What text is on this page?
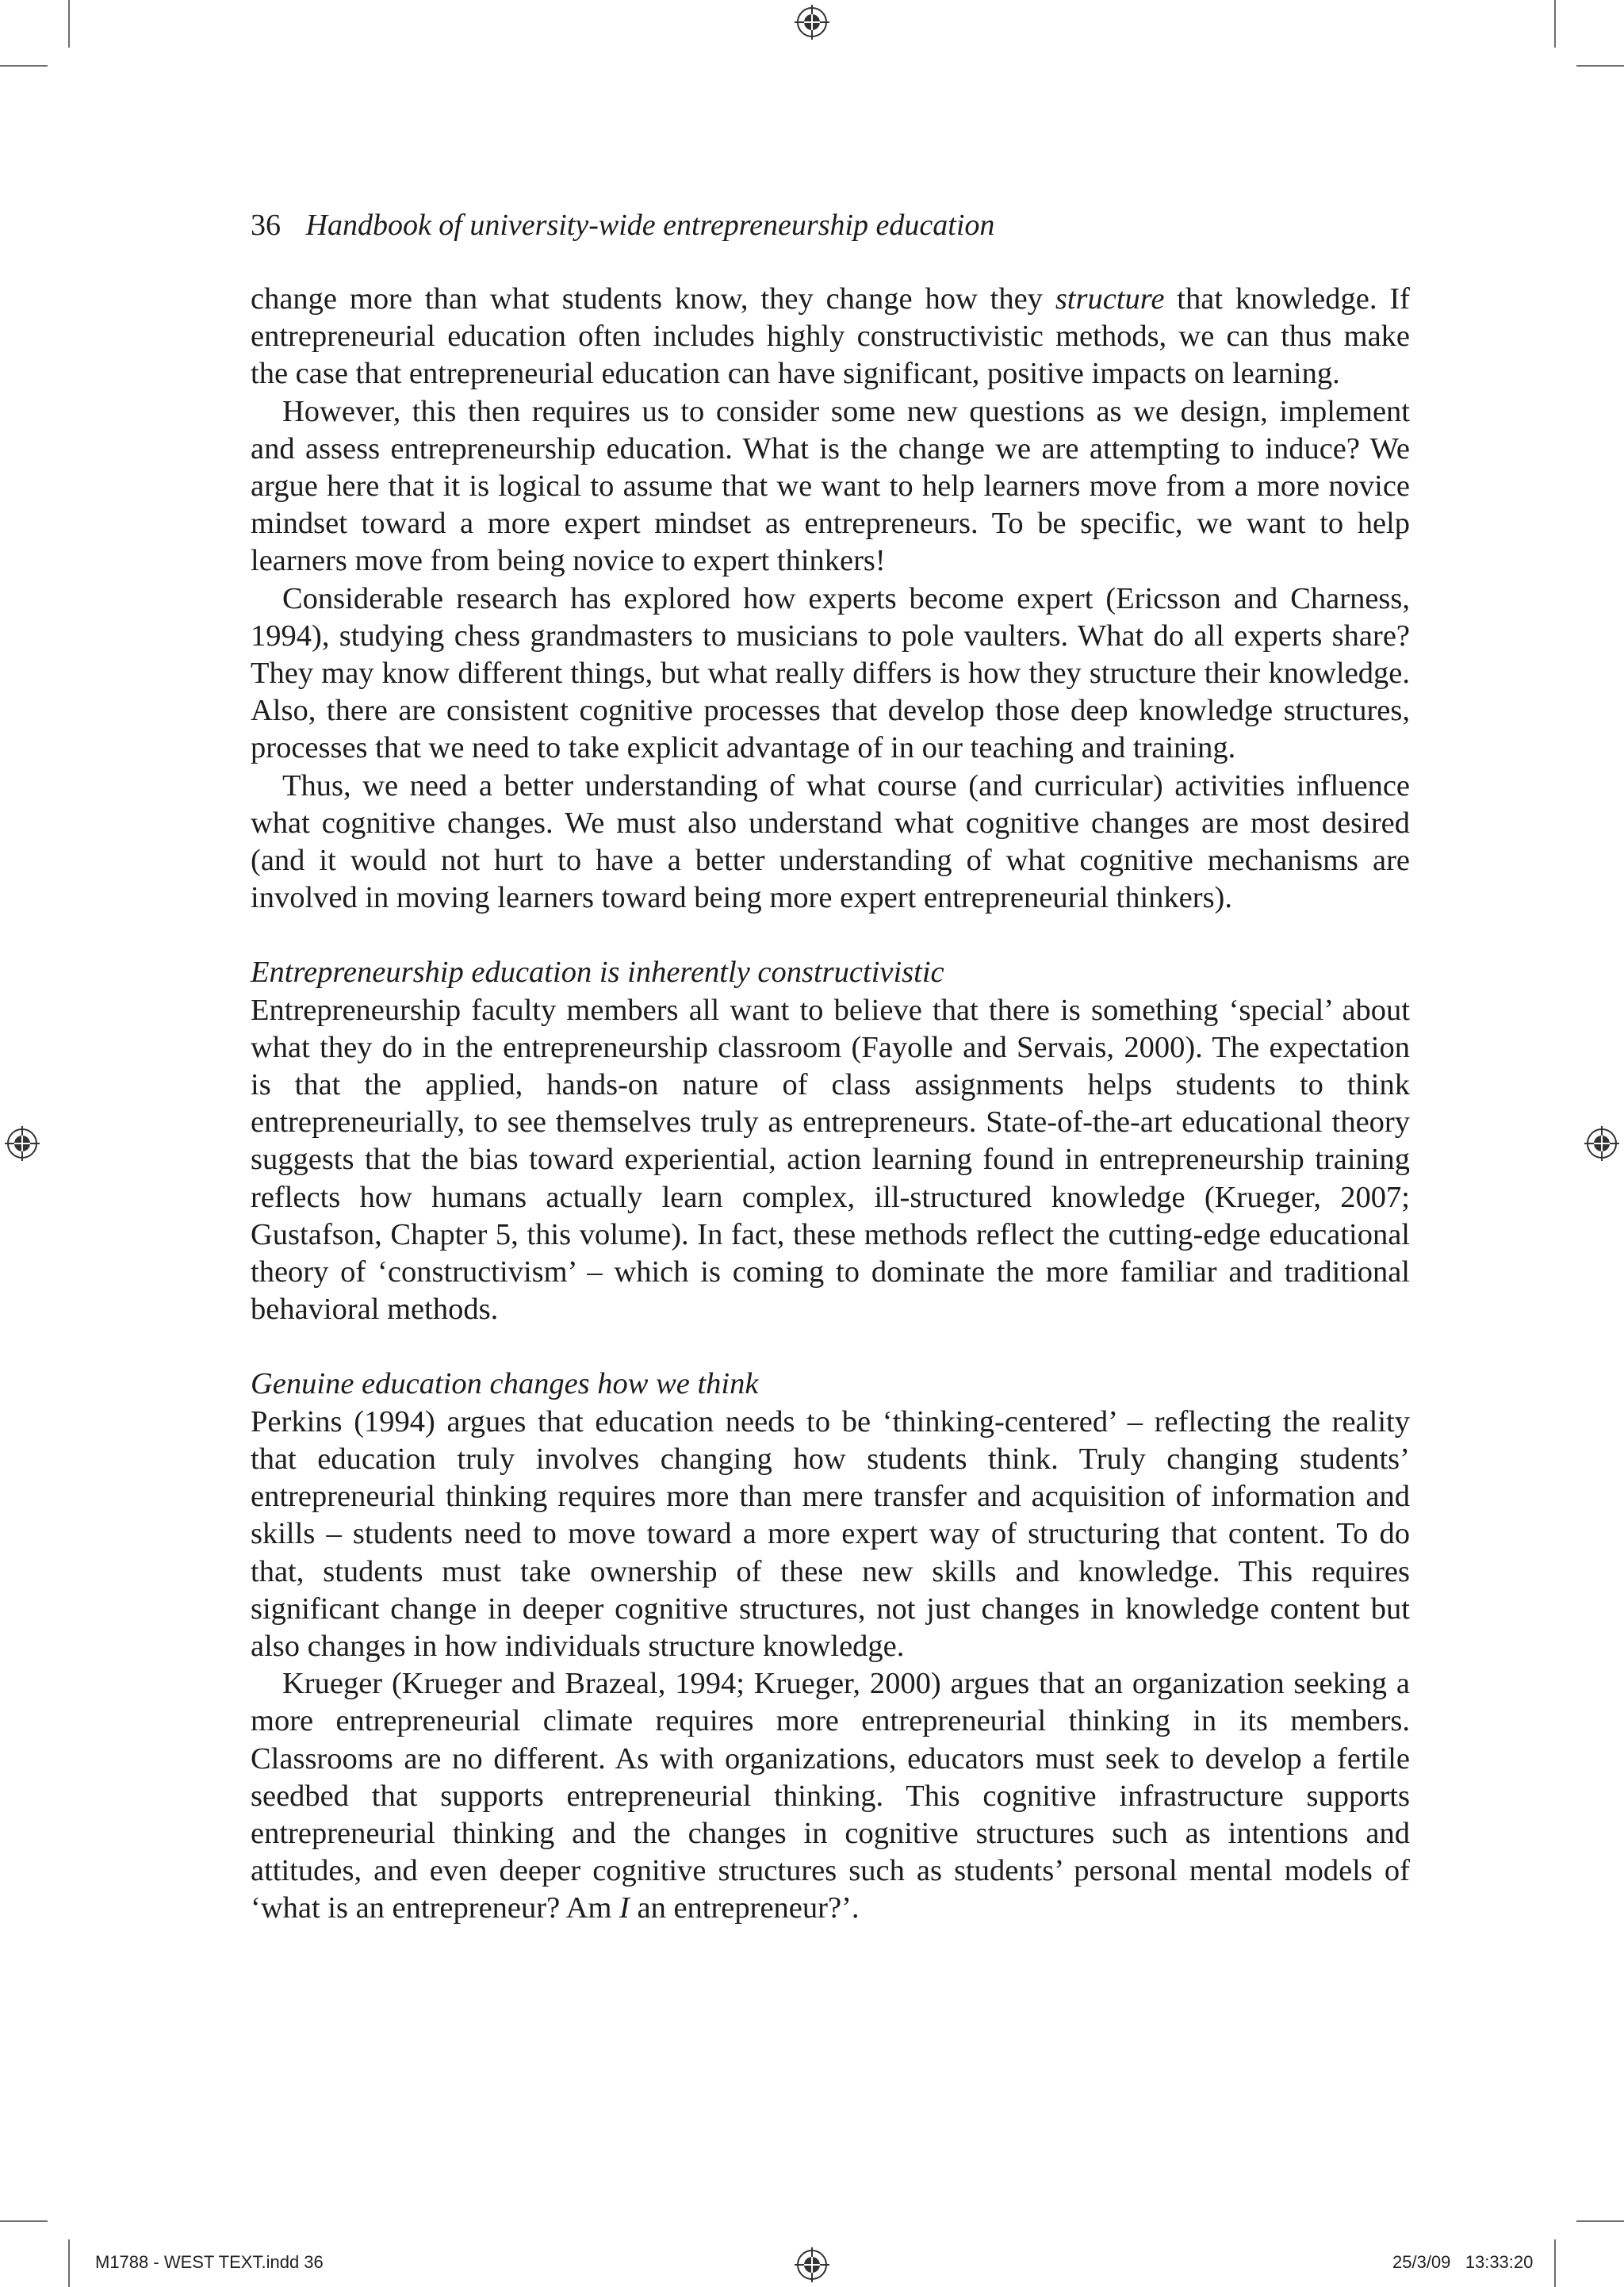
36 Handbook of university-wide entrepreneurship education

change more than what students know, they change how they structure that knowledge. If entrepreneurial education often includes highly constructivistic methods, we can thus make the case that entrepreneurial education can have significant, positive impacts on learning.

However, this then requires us to consider some new questions as we design, implement and assess entrepreneurship education. What is the change we are attempting to induce? We argue here that it is logical to assume that we want to help learners move from a more novice mindset toward a more expert mindset as entrepreneurs. To be specific, we want to help learners move from being novice to expert thinkers!

Considerable research has explored how experts become expert (Ericsson and Charness, 1994), studying chess grandmasters to musicians to pole vaulters. What do all experts share? They may know different things, but what really differs is how they structure their knowledge. Also, there are consistent cognitive processes that develop those deep knowledge structures, processes that we need to take explicit advantage of in our teaching and training.

Thus, we need a better understanding of what course (and curricular) activities influence what cognitive changes. We must also understand what cognitive changes are most desired (and it would not hurt to have a better understanding of what cognitive mechanisms are involved in moving learners toward being more expert entrepreneurial thinkers).

Entrepreneurship education is inherently constructivistic

Entrepreneurship faculty members all want to believe that there is something ‘special’ about what they do in the entrepreneurship classroom (Fayolle and Servais, 2000). The expectation is that the applied, hands-on nature of class assignments helps students to think entrepreneurially, to see themselves truly as entrepreneurs. State-of-the-art educational theory suggests that the bias toward experiential, action learning found in entrepreneurship training reflects how humans actually learn complex, ill-structured knowledge (Krueger, 2007; Gustafson, Chapter 5, this volume). In fact, these methods reflect the cutting-edge educational theory of ‘constructivism’ – which is coming to dominate the more familiar and traditional behavioral methods.

Genuine education changes how we think

Perkins (1994) argues that education needs to be ‘thinking-centered’ – reflecting the reality that education truly involves changing how students think. Truly changing students’ entrepreneurial thinking requires more than mere transfer and acquisition of information and skills – students need to move toward a more expert way of structuring that content. To do that, students must take ownership of these new skills and knowledge. This requires significant change in deeper cognitive structures, not just changes in knowledge content but also changes in how individuals structure knowledge.

Krueger (Krueger and Brazeal, 1994; Krueger, 2000) argues that an organization seeking a more entrepreneurial climate requires more entrepreneurial thinking in its members. Classrooms are no different. As with organizations, educators must seek to develop a fertile seedbed that supports entrepreneurial thinking. This cognitive infrastructure supports entrepreneurial thinking and the changes in cognitive structures such as intentions and attitudes, and even deeper cognitive structures such as students’ personal mental models of ‘what is an entrepreneur? Am I an entrepreneur?’.

M1788 - WEST TEXT.indd 36	25/3/09   13:33:20
